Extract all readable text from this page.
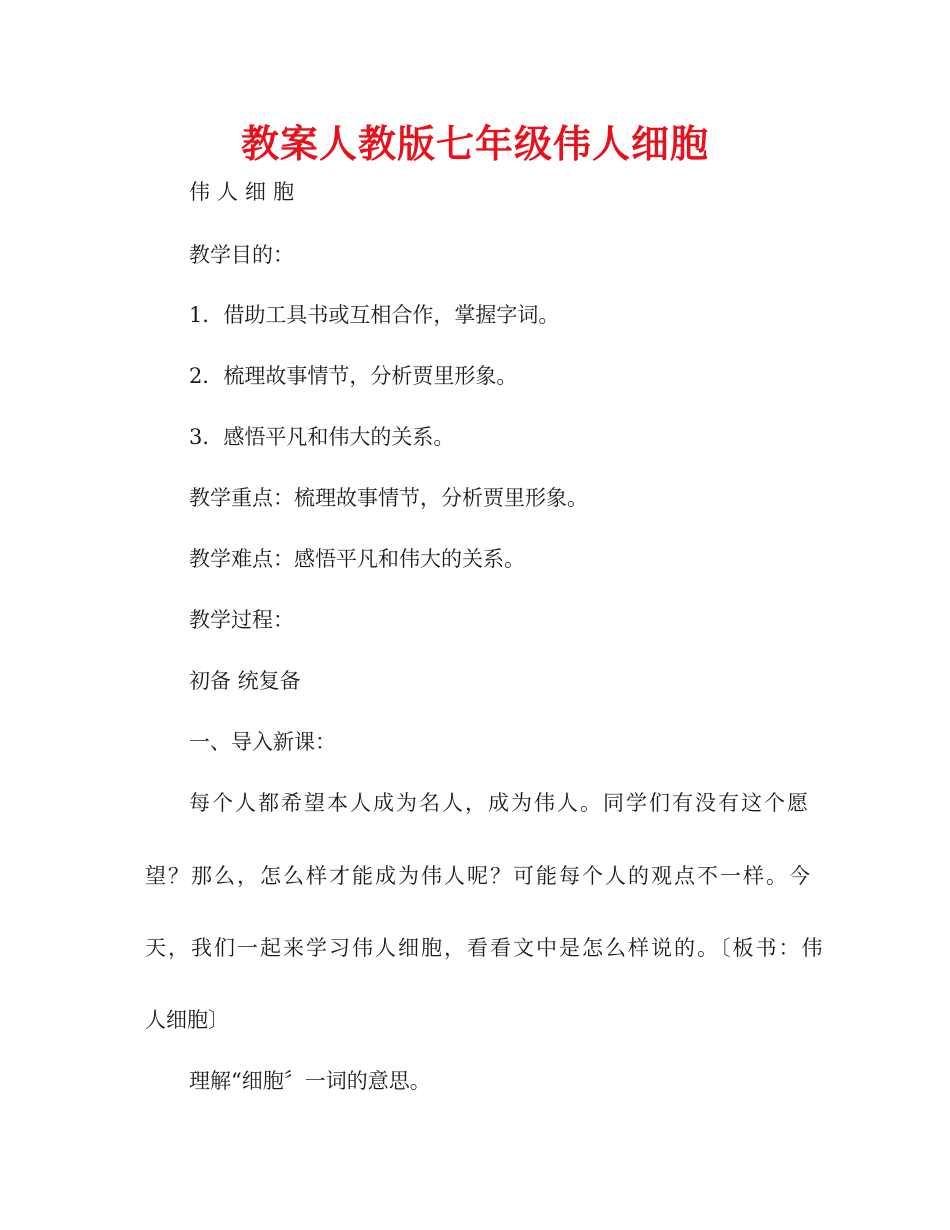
教案人教版七年级伟人细胞
伟人细胞
教学目的：
1．借助工具书或互相合作，掌握字词。
2．梳理故事情节，分析贾里形象。
3．感悟平凡和伟大的关系。
教学重点：梳理故事情节，分析贾里形象。
教学难点：感悟平凡和伟大的关系。
教学过程：
初备 统复备
一、导入新课：
每个人都希望本人成为名人，成为伟人。同学们有没有这个愿
望？那么，怎么样才能成为伟人呢？可能每个人的观点不一样。今
天，我们一起来学习伟人细胞，看看文中是怎么样说的。〔板书：伟
人细胞〕
理解“细胞〞一词的意思。
